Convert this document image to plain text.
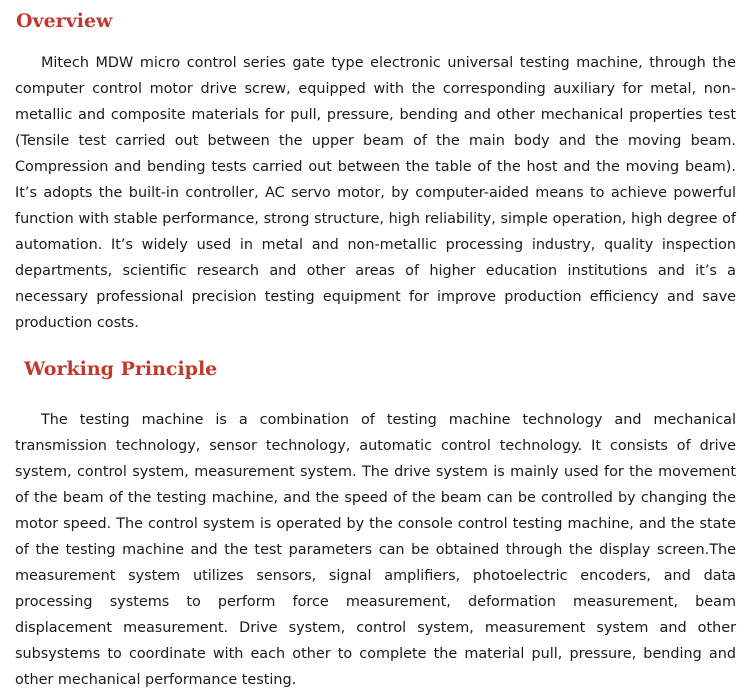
Overview

Mitech MDW micro control series gate type electronic universal testing machine, through the computer control motor drive screw, equipped with the corresponding auxiliary for metal, non-metallic and composite materials for pull, pressure, bending and other mechanical properties test (Tensile test carried out between the upper beam of the main body and the moving beam. Compression and bending tests carried out between the table of the host and the moving beam). It’s adopts the built-in controller, AC servo motor, by computer-aided means to achieve powerful function with stable performance, strong structure, high reliability, simple operation, high degree of automation. It’s widely used in metal and non-metallic processing industry, quality inspection departments, scientific research and other areas of higher education institutions and it’s a necessary professional precision testing equipment for improve production efficiency and save production costs.

Working Principle

The testing machine is a combination of testing machine technology and mechanical transmission technology, sensor technology, automatic control technology. It consists of drive system, control system, measurement system. The drive system is mainly used for the movement of the beam of the testing machine, and the speed of the beam can be controlled by changing the motor speed. The control system is operated by the console control testing machine, and the state of the testing machine and the test parameters can be obtained through the display screen.The measurement system utilizes sensors, signal amplifiers, photoelectric encoders, and data processing systems to perform force measurement, deformation measurement, beam displacement measurement. Drive system, control system, measurement system and other subsystems to coordinate with each other to complete the material pull, pressure, bending and other mechanical performance testing.
